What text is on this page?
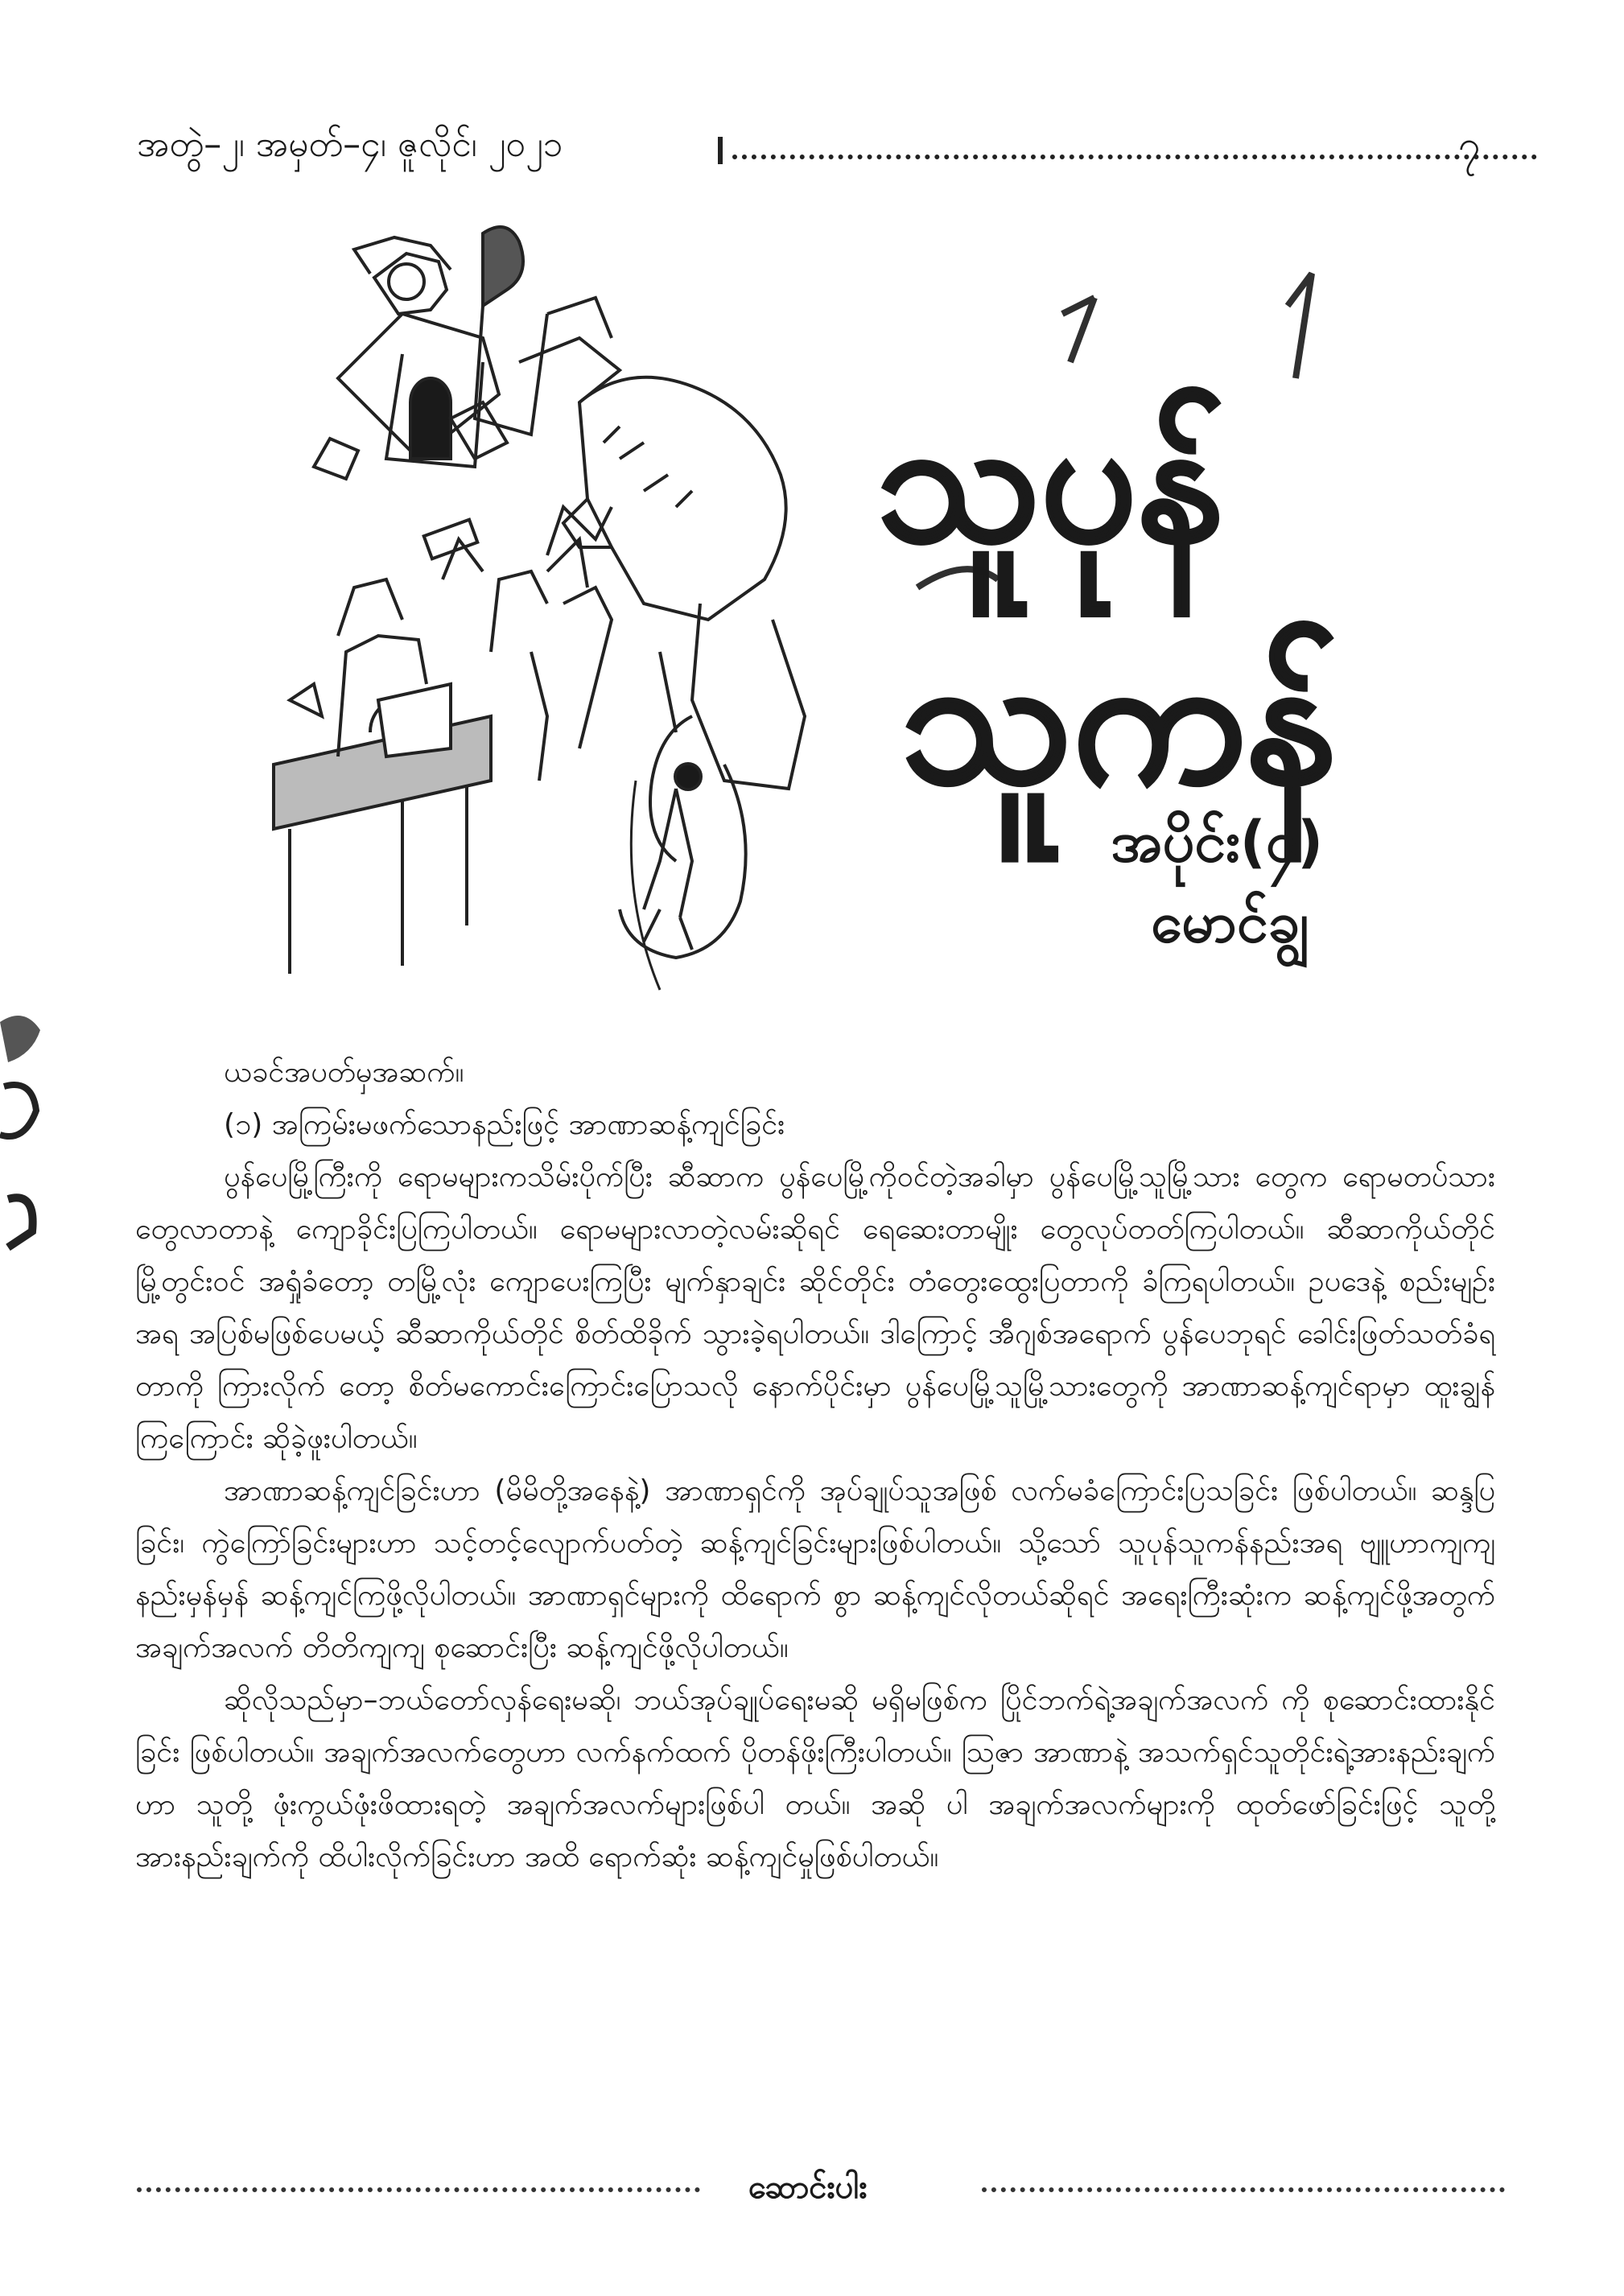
အတွဲ–၂၊ အမှတ်–၄၊ ဇူလိုင်၊ ၂၀၂၁	၇
သူပုန်
သူကန်
အပိုင်း(၄)
မောင်ချွ

ယခင်အပတ်မှအဆက်။

(၁) အကြမ်းမဖက်သောနည်းဖြင့် အာဏာဆန့်ကျင်ခြင်း

ပွန်ပေမြို့ကြီးကို ရောမများကသိမ်းပိုက်ပြီး ဆီဆာက ပွန်ပေမြို့ကိုဝင်တဲ့အခါမှာ ပွန်ပေမြို့သူမြို့သား တွေက ရောမတပ်သားတွေလာတာနဲ့ ကျောခိုင်းပြကြပါတယ်။ ရောမများလာတဲ့လမ်းဆိုရင် ရေဆေးတာမျိုး တွေလုပ်တတ်ကြပါတယ်။ ဆီဆာကိုယ်တိုင် မြို့တွင်းဝင် အရှုံခံတော့ တမြို့လုံး ကျောပေးကြပြီး မျက်နှာချင်း ဆိုင်တိုင်း တံတွေးထွေးပြတာကို ခံကြရပါတယ်။ ဥပဒေနဲ့ စည်းမျဉ်းအရ အပြစ်မဖြစ်ပေမယ့် ဆီဆာကိုယ်တိုင် စိတ်ထိခိုက် သွားခဲ့ရပါတယ်။ ဒါကြောင့် အီဂျစ်အရောက် ပွန်ပေဘုရင် ခေါင်းဖြတ်သတ်ခံရတာကို ကြားလိုက် တော့ စိတ်မကောင်းကြောင်းပြောသလို နောက်ပိုင်းမှာ ပွန်ပေမြို့သူမြို့သားတွေကို အာဏာဆန့်ကျင်ရာမှာ ထူးချွန်ကြကြောင်း ဆိုခဲ့ဖူးပါတယ်။

အာဏာဆန့်ကျင်ခြင်းဟာ (မိမိတို့အနေနဲ့) အာဏာရှင်ကို အုပ်ချုပ်သူအဖြစ် လက်မခံကြောင်းပြသခြင်း ဖြစ်ပါတယ်။ ဆန္ဒပြခြင်း၊ ကွဲကြော်ခြင်းများဟာ သင့်တင့်လျောက်ပတ်တဲ့ ဆန့်ကျင်ခြင်းများဖြစ်ပါတယ်။ သို့သော် သူပုန်သူကန်နည်းအရ ဗျူဟာကျကျ နည်းမှန်မှန် ဆန့်ကျင်ကြဖို့လိုပါတယ်။ အာဏာရှင်များကို ထိရောက် စွာ ဆန့်ကျင်လိုတယ်ဆိုရင် အရေးကြီးဆုံးက ဆန့်ကျင်ဖို့အတွက် အချက်အလက် တိတိကျကျ စုဆောင်းပြီး ဆန့်ကျင်ဖို့လိုပါတယ်။

ဆိုလိုသည်မှာ–ဘယ်တော်လှန်ရေးမဆို၊ ဘယ်အုပ်ချုပ်ရေးမဆို မရှိမဖြစ်က ပြိုင်ဘက်ရဲ့အချက်အလက် ကို စုဆောင်းထားနိုင်ခြင်း ဖြစ်ပါတယ်။ အချက်အလက်တွေဟာ လက်နက်ထက် ပိုတန်ဖိုးကြီးပါတယ်။ ဩဇာ အာဏာနဲ့ အသက်ရှင်သူတိုင်းရဲ့အားနည်းချက်ဟာ သူတို့ ဖုံးကွယ်ဖုံးဖိထားရတဲ့ အချက်အလက်များဖြစ်ပါ တယ်။ အဆို ပါ အချက်အလက်များကို ထုတ်ဖော်ခြင်းဖြင့် သူတို့အားနည်းချက်ကို ထိပါးလိုက်ခြင်းဟာ အထိ ရောက်ဆုံး ဆန့်ကျင်မှုဖြစ်ပါတယ်။

ဆောင်းပါး
